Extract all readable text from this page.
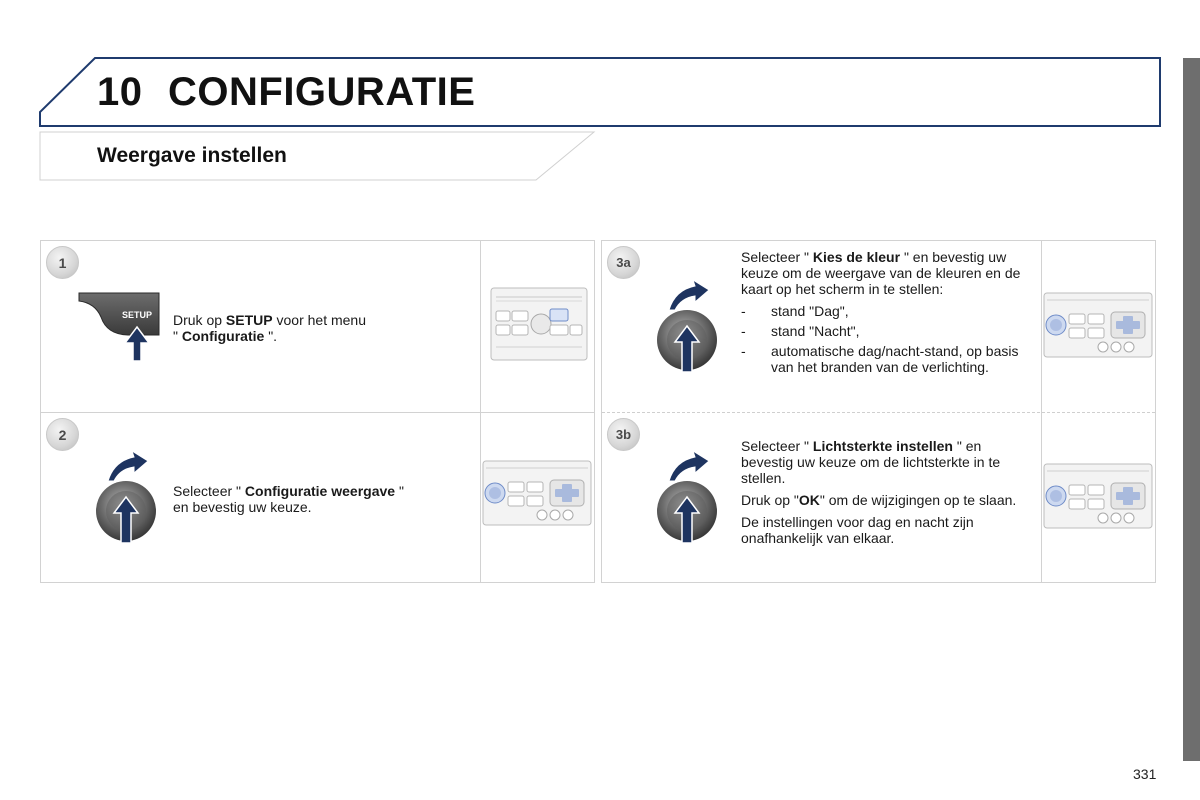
10 CONFIGURATIE
Weergave instellen
1
SETUP Druk op SETUP voor het menu
" Configuratie ".
2
Selecteer " Configuratie weergave "
en bevestig uw keuze.
3a	Selecteer " Kies de kleur " en bevestig uw keuze om de weergave van de kleuren en de kaart op het scherm in te stellen:

- stand "Dag",
- stand "Nacht",
- automatische dag/nacht-stand, op basis van het branden van de verlichting.
3b

Selecteer " Lichtsterkte instellen " en bevestig uw keuze om de lichtsterkte in te stellen.

Druk op "OK" om de wijzigingen op te slaan.

De instellingen voor dag en nacht zijn onafhankelijk van elkaar.

331
